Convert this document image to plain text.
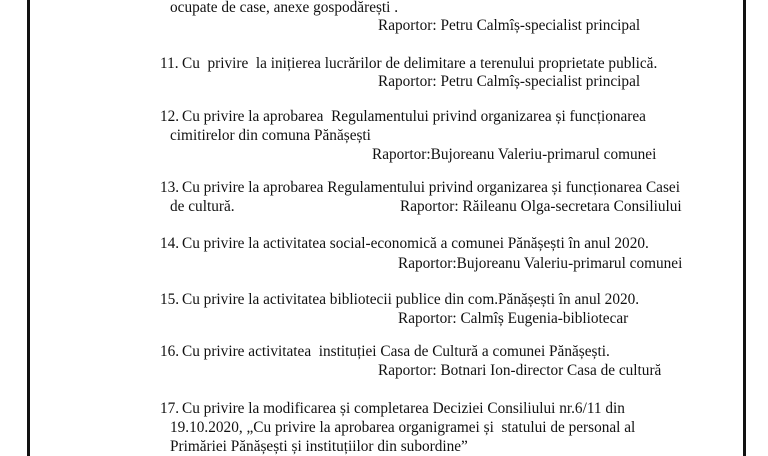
ocupate de case, anexe gospodărești .
Raportor: Petru Calmîș-specialist principal
11. Cu  privire  la inițierea lucrărilor de delimitare a terenului proprietate publică.
Raportor: Petru Calmîș-specialist principal
12. Cu privire la aprobarea  Regulamentului privind organizarea și funcționarea
cimitirelor din comuna Pănășești
Raportor:Bujoreanu Valeriu-primarul comunei
13. Cu privire la aprobarea Regulamentului privind organizarea și funcționarea Casei
de cultură.	Raportor: Răileanu Olga-secretara Consiliului
14. Cu privire la activitatea social-economică a comunei Pănășești în anul 2020.
Raportor:Bujoreanu Valeriu-primarul comunei
15. Cu privire la activitatea bibliotecii publice din com.Pănășești în anul 2020.
Raportor: Calmîș Eugenia-bibliotecar
16. Cu privire activitatea  instituției Casa de Cultură a comunei Pănășești.
Raportor: Botnari Ion-director Casa de cultură
17. Cu privire la modificarea și completarea Deciziei Consiliului nr.6/11 din
19.10.2020, „Cu privire la aprobarea organigramei și  statului de personal al
Primăriei Pănășești și instituțiilor din subordine”
